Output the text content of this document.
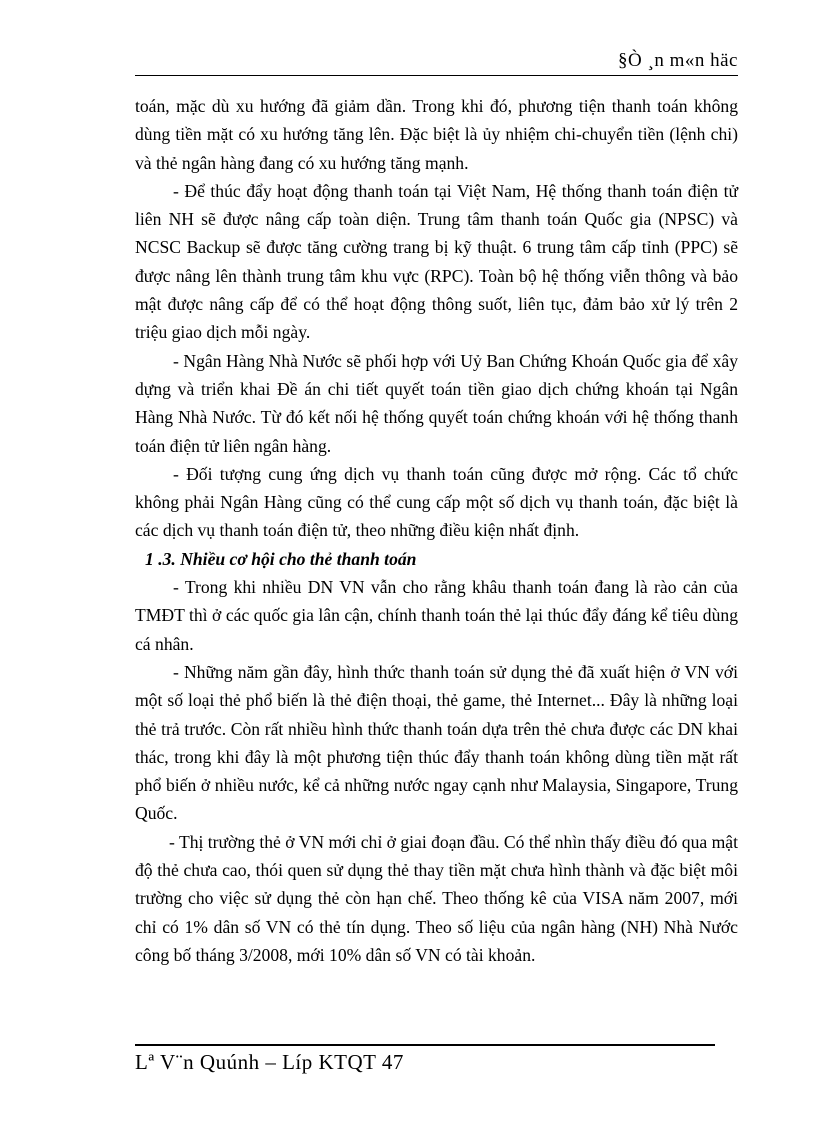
§Ò ¸n m«n häc

toán, mặc dù xu hướng đã giảm dần. Trong khi đó, phương tiện thanh toán không dùng tiền mặt có xu hướng tăng lên. Đặc biệt là ủy nhiệm chi-chuyển tiền (lệnh chi) và thẻ ngân hàng đang có xu hướng tăng mạnh.

- Để thúc đẩy hoạt động thanh toán tại Việt Nam, Hệ thống thanh toán điện tử liên NH sẽ được nâng cấp toàn diện. Trung tâm thanh toán Quốc gia (NPSC) và NCSC Backup sẽ được tăng cường trang bị kỹ thuật. 6 trung tâm cấp tỉnh (PPC) sẽ được nâng lên thành trung tâm khu vực (RPC). Toàn bộ hệ thống viễn thông và bảo mật được nâng cấp để có thể hoạt động thông suốt, liên tục, đảm bảo xử lý trên 2 triệu giao dịch mỗi ngày.

- Ngân Hàng Nhà Nước sẽ phối hợp với Uỷ Ban Chứng Khoán Quốc gia để xây dựng và triển khai Đề án chi tiết quyết toán tiền giao dịch chứng khoán tại Ngân Hàng Nhà Nước. Từ đó kết nối hệ thống quyết toán chứng khoán với hệ thống thanh toán điện tử liên ngân hàng.

- Đối tượng cung ứng dịch vụ thanh toán cũng được mở rộng. Các tổ chức không phải Ngân Hàng cũng có thể cung cấp một số dịch vụ thanh toán, đặc biệt là các dịch vụ thanh toán điện tử, theo những điều kiện nhất định.

1 .3. Nhiều cơ hội cho thẻ thanh toán

- Trong khi nhiều DN VN vẫn cho rằng khâu thanh toán đang là rào cản của TMĐT thì ở các quốc gia lân cận, chính thanh toán thẻ lại thúc đẩy đáng kể tiêu dùng cá nhân.

- Những năm gần đây, hình thức thanh toán sử dụng thẻ đã xuất hiện ở VN với một số loại thẻ phổ biến là thẻ điện thoại, thẻ game, thẻ Internet... Đây là những loại thẻ trả trước. Còn rất nhiều hình thức thanh toán dựa trên thẻ chưa được các DN khai thác, trong khi đây là một phương tiện thúc đẩy thanh toán không dùng tiền mặt rất phổ biến ở nhiều nước, kể cả những nước ngay cạnh như Malaysia, Singapore, Trung Quốc.

- Thị trường thẻ ở VN mới chỉ ở giai đoạn đầu. Có thể nhìn thấy điều đó qua mật độ thẻ chưa cao, thói quen sử dụng thẻ thay tiền mặt chưa hình thành và đặc biệt môi trường cho việc sử dụng thẻ còn hạn chế. Theo thống kê của VISA năm 2007, mới chỉ có 1% dân số VN có thẻ tín dụng. Theo số liệu của ngân hàng (NH) Nhà Nước công bố tháng 3/2008, mới 10% dân số VN có tài khoản.

Lª V¨n Quúnh – Líp KTQT 47
